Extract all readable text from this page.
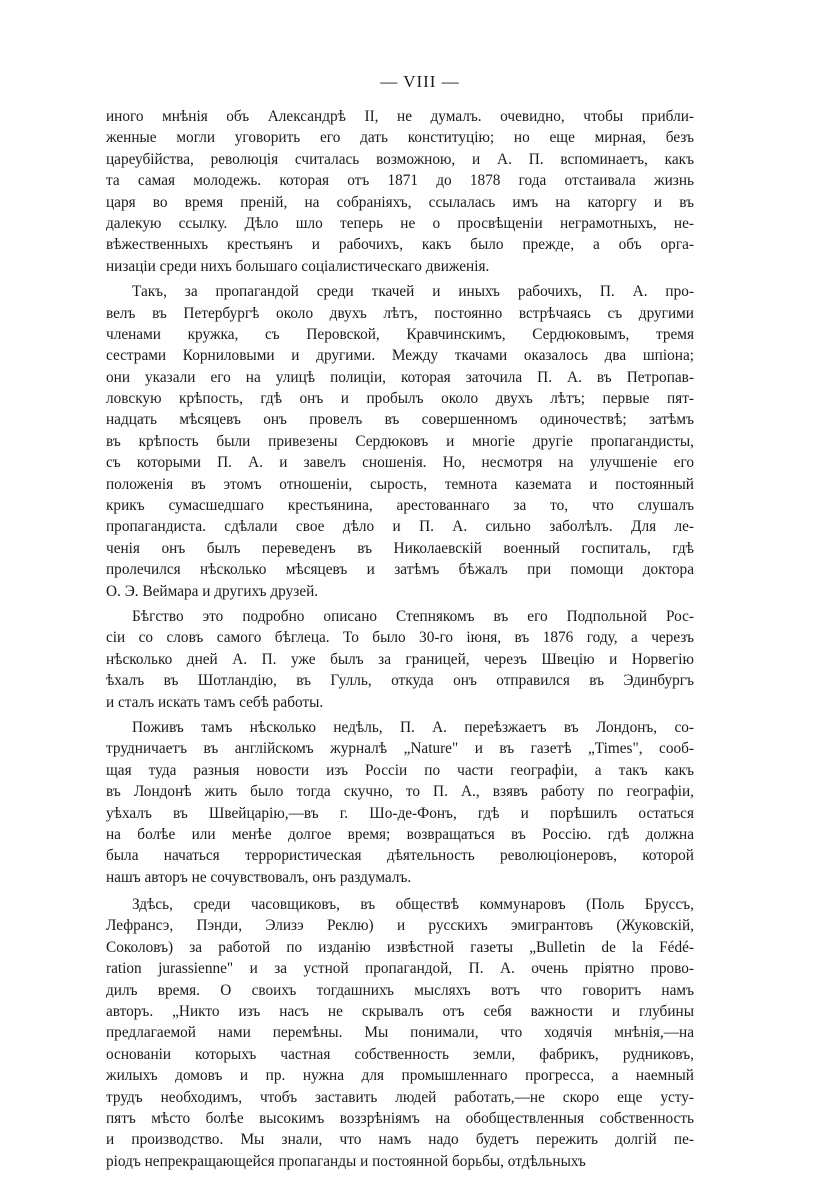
— VIII —
иного мнѣнія объ Александрѣ II, не думалъ. очевидно, чтобы прибли-
женные могли уговорить его дать конституцію; но еще мирная, безъ
цареубійства, революція считалась возможною, и А. П. вспоминаетъ, какъ
та самая молодежь. которая отъ 1871 до 1878 года отстаивала жизнь
царя во время преній, на собраніяхъ, ссылалась имъ на каторгу и въ
далекую ссылку. Дѣло шло теперь не о просвѣщеніи неграмотныхъ, не-
вѣжественныхъ крестьянъ и рабочихъ, какъ было прежде, а объ орга-
низаціи среди нихъ большаго соціалистическаго движенія.
Такъ, за пропагандой среди ткачей и иныхъ рабочихъ, П. А. про-
велъ въ Петербургѣ около двухъ лѣтъ, постоянно встрѣчаясь съ другими
членами кружка, съ Перовской, Кравчинскимъ, Сердюковымъ, тремя
сестрами Корниловыми и другими. Между ткачами оказалось два шпіона;
они указали его на улицѣ полиціи, которая заточила П. А. въ Петропав-
ловскую крѣпость, гдѣ онъ и пробылъ около двухъ лѣтъ; первые пят-
надцать мѣсяцевъ онъ провелъ въ совершенномъ одиночествѣ; затѣмъ
въ крѣпость были привезены Сердюковъ и многіе другіе пропагандисты,
съ которыми П. А. и завелъ сношенія. Но, несмотря на улучшеніе его
положенія въ этомъ отношеніи, сырость, темнота каземата и постоянный
крикъ сумасшедшаго крестьянина, арестованнаго за то, что слушалъ
пропагандиста. сдѣлали свое дѣло и П. А. сильно заболѣлъ. Для ле-
ченія онъ былъ переведенъ въ Николаевскій военный госпиталь, гдѣ
пролечился нѣсколько мѣсяцевъ и затѣмъ бѣжалъ при помощи доктора
О. Э. Веймара и другихъ друзей.
Бѣгство это подробно описано Степнякомъ въ его Подпольной Рос-
сіи со словъ самого бѣглеца. То было 30-го іюня, въ 1876 году, а черезъ
нѣсколько дней А. П. уже былъ за границей, черезъ Швецію и Норвегію
ѣхалъ въ Шотландію, въ Гулль, откуда онъ отправился въ Эдинбургъ
и сталъ искать тамъ себѣ работы.
Поживъ тамъ нѣсколько недѣль, П. А. переѣзжаетъ въ Лондонъ, со-
трудничаетъ въ англійскомъ журналѣ „Nature" и въ газетѣ „Times", сооб-
щая туда разныя новости изъ Россіи по части географіи, а такъ какъ
въ Лондонѣ жить было тогда скучно, то П. А., взявъ работу по географіи,
уѣхалъ въ Швейцарію,—въ г. Шо-де-Фонъ, гдѣ и порѣшилъ остаться
на болѣе или менѣе долгое время; возвращаться въ Россію. гдѣ должна
была начаться террористическая дѣятельность революціонеровъ, которой
нашъ авторъ не сочувствовалъ, онъ раздумалъ.
Здѣсь, среди часовщиковъ, въ обществѣ коммунаровъ (Поль Бруссъ,
Лефрансэ, Пэнди, Элизэ Реклю) и русскихъ эмигрантовъ (Жуковскій,
Соколовъ) за работой по изданію извѣстной газеты „Bulletin de la Fédé-
ration jurassienne" и за устной пропагандой, П. А. очень пріятно прово-
дилъ время. О своихъ тогдашнихъ мысляхъ вотъ что говоритъ намъ
авторъ. „Никто изъ насъ не скрывалъ отъ себя важности и глубины
предлагаемой нами перемѣны. Мы понимали, что ходячія мнѣнія,—на
основаніи которыхъ частная собственность земли, фабрикъ, рудниковъ,
жилыхъ домовъ и пр. нужна для промышленнаго прогресса, а наемный
трудъ необходимъ, чтобъ заставить людей работать,—не скоро еще усту-
пятъ мѣсто болѣе высокимъ воззрѣніямъ на обобществленныя собственность
и производство. Мы знали, что намъ надо будетъ пережить долгій пе-
ріодъ непрекращающейся пропаганды и постоянной борьбы, отдѣльныхъ
